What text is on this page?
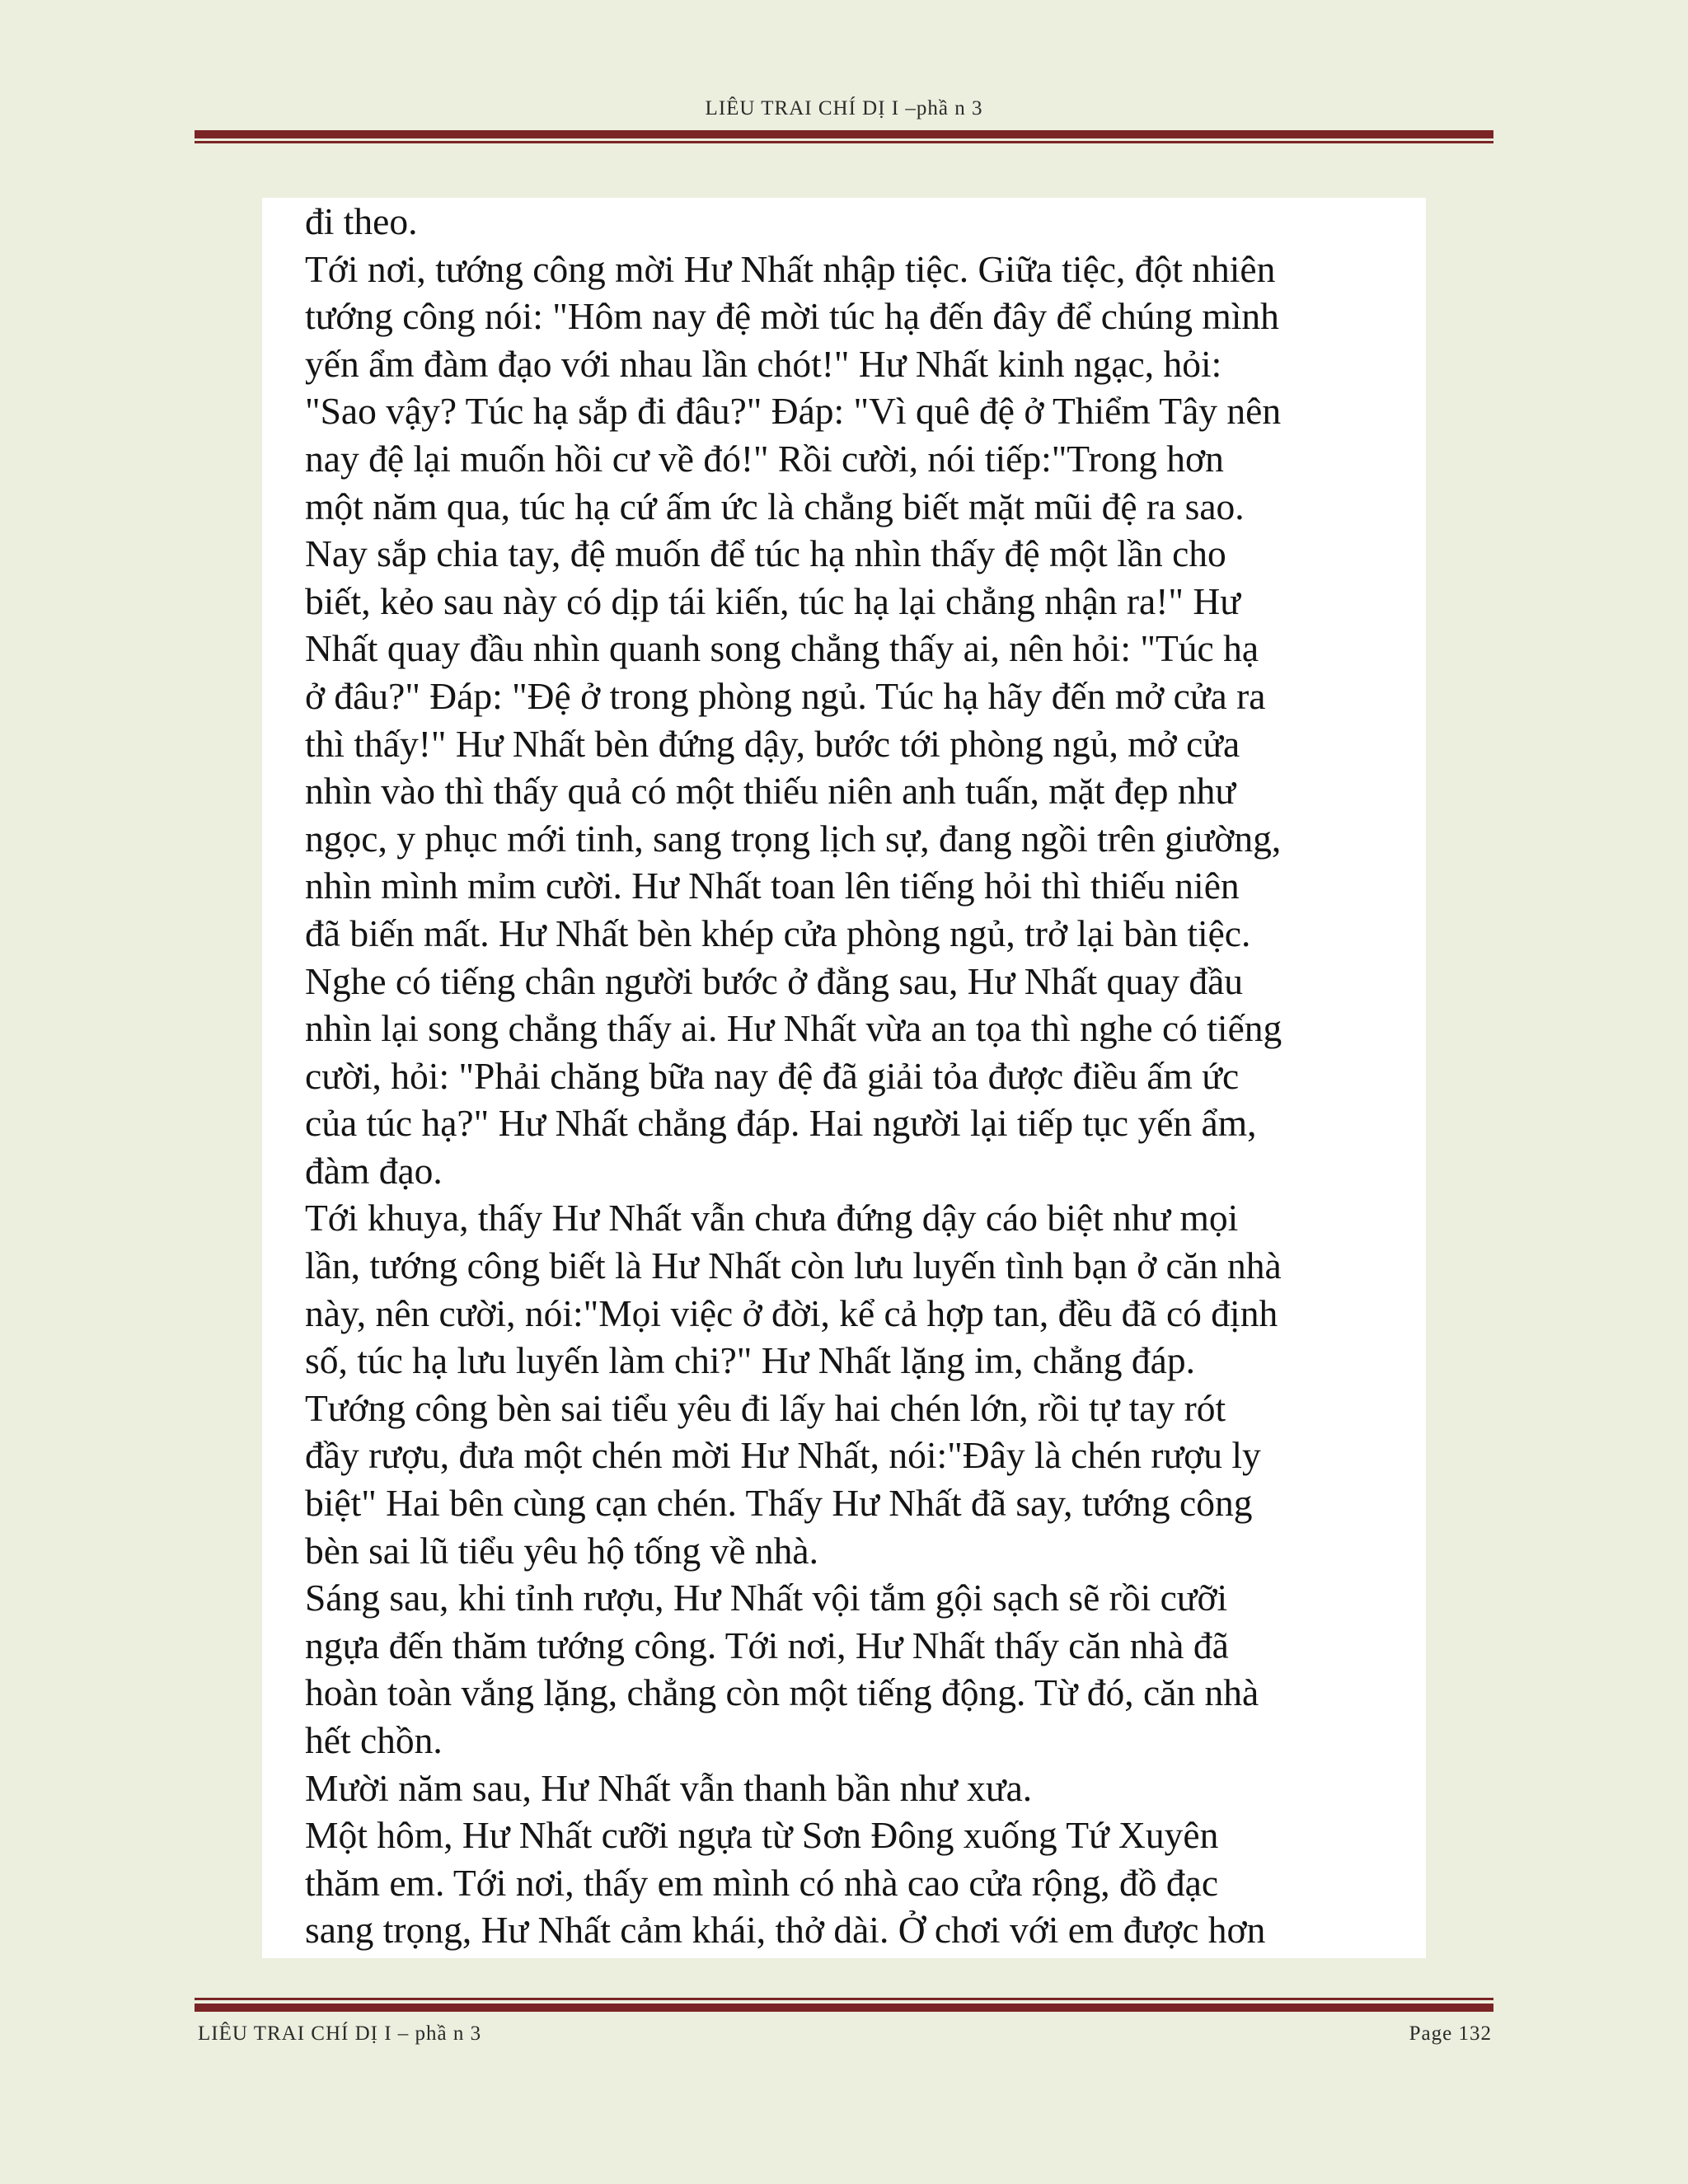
LIÊU TRAI CHÍ DỊ I –phầ n 3
đi theo.
Tới nơi, tướng công mời Hư Nhất nhập tiệc. Giữa tiệc, đột nhiên
tướng công nói: "Hôm nay đệ mời túc hạ đến đây để chúng mình
yến ẩm đàm đạo với nhau lần chót!" Hư Nhất kinh ngạc, hỏi:
"Sao vậy? Túc hạ sắp đi đâu?" Đáp: "Vì quê đệ ở Thiểm Tây nên
nay đệ lại muốn hồi cư về đó!" Rồi cười, nói tiếp:"Trong hơn
một năm qua, túc hạ cứ ấm ức là chẳng biết mặt mũi đệ ra sao.
Nay sắp chia tay, đệ muốn để túc hạ nhìn thấy đệ một lần cho
biết, kẻo sau này có dịp tái kiến, túc hạ lại chẳng nhận ra!" Hư
Nhất quay đầu nhìn quanh song chẳng thấy ai, nên hỏi: "Túc hạ
ở đâu?" Đáp: "Đệ ở trong phòng ngủ. Túc hạ hãy đến mở cửa ra
thì thấy!" Hư Nhất bèn đứng dậy, bước tới phòng ngủ, mở cửa
nhìn vào thì thấy quả có một thiếu niên anh tuấn, mặt đẹp như
ngọc, y phục mới tinh, sang trọng lịch sự, đang ngồi trên giường,
nhìn mình mỉm cười. Hư Nhất toan lên tiếng hỏi thì thiếu niên
đã biến mất. Hư Nhất bèn khép cửa phòng ngủ, trở lại bàn tiệc.
Nghe có tiếng chân người bước ở đằng sau, Hư Nhất quay đầu
nhìn lại song chẳng thấy ai. Hư Nhất vừa an tọa thì nghe có tiếng
cười, hỏi: "Phải chăng bữa nay đệ đã giải tỏa được điều ấm ức
của túc hạ?" Hư Nhất chẳng đáp. Hai người lại tiếp tục yến ẩm,
đàm đạo.
Tới khuya, thấy Hư Nhất vẫn chưa đứng dậy cáo biệt như mọi
lần, tướng công biết là Hư Nhất còn lưu luyến tình bạn ở căn nhà
này, nên cười, nói:"Mọi việc ở đời, kể cả hợp tan, đều đã có định
số, túc hạ lưu luyến làm chi?" Hư Nhất lặng im, chẳng đáp.
Tướng công bèn sai tiểu yêu đi lấy hai chén lớn, rồi tự tay rót
đầy rượu, đưa một chén mời Hư Nhất, nói:"Đây là chén rượu ly
biệt" Hai bên cùng cạn chén. Thấy Hư Nhất đã say, tướng công
bèn sai lũ tiểu yêu hộ tống về nhà.
Sáng sau, khi tỉnh rượu, Hư Nhất vội tắm gội sạch sẽ rồi cưỡi
ngựa đến thăm tướng công. Tới nơi, Hư Nhất thấy căn nhà đã
hoàn toàn vắng lặng, chẳng còn một tiếng động. Từ đó, căn nhà
hết chồn.
Mười năm sau, Hư Nhất vẫn thanh bần như xưa.
Một hôm, Hư Nhất cưỡi ngựa từ Sơn Đông xuống Tứ Xuyên
thăm em. Tới nơi, thấy em mình có nhà cao cửa rộng, đồ đạc
sang trọng, Hư Nhất cảm khái, thở dài. Ở chơi với em được hơn
LIÊU TRAI CHÍ DỊ I – phầ n 3	Page 132
